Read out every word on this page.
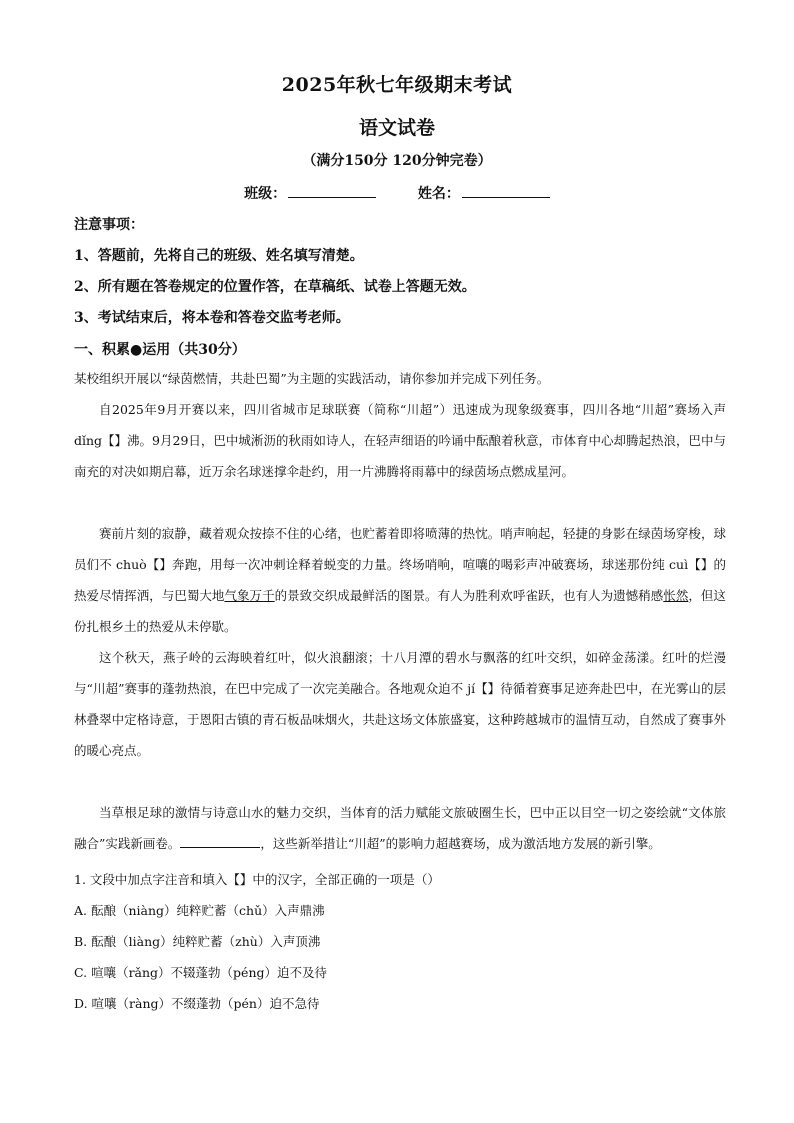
2025年秋七年级期末考试
语文试卷
（满分150分 120分钟完卷）
班级：	姓名：
注意事项：
1、答题前，先将自己的班级、姓名填写清楚。
2、所有题在答卷规定的位置作答，在草稿纸、试卷上答题无效。
3、考试结束后，将本卷和答卷交监考老师。
一、积累●运用（共30分）
某校组织开展以“绿茵燃情，共赴巴蜀”为主题的实践活动，请你参加并完成下列任务。
自2025年9月开赛以来，四川省城市足球联赛（简称“川超”）迅速成为现象级赛事，四川各地“川超”赛场入声 dǐng【】沸。9月29日，巴中城淅沥的秋雨如诗人，在轻声细语的吟诵中酝酿着秋意，市体育中心却腾起热浪，巴中与南充的对决如期启幕，近万余名球迷撑伞赴约，用一片沸腾将雨幕中的绿茵场点燃成星河。
赛前片刻的寂静，藏着观众按捺不住的心绪，也贮蓄着即将喷薄的热忱。哨声响起，轻捷的身影在绿茵场穿梭，球员们不 chuò【】奔跑，用每一次冲刺诠释着蜕变的力量。终场哨响，喧嚷的喝彩声冲破赛场，球迷那份纯 cuì【】的热爱尽情挥洒，与巴蜀大地气象万千的景致交织成最鲜活的图景。有人为胜利欢呼雀跃，也有人为遗憾稍感怅然，但这份扎根乡土的热爱从未停歇。
这个秋天，燕子岭的云海映着红叶，似火浪翻滚；十八月潭的碧水与飘落的红叶交织，如碎金荡漾。红叶的烂漫与“川超”赛事的蓬勃热浪，在巴中完成了一次完美融合。各地观众迫不 jí【】待循着赛事足迹奔赴巴中，在光雾山的层林叠翠中定格诗意，于恩阳古镇的青石板品味烟火，共赴这场文体旅盛宴，这种跨越城市的温情互动，自然成了赛事外的暖心亮点。
当草根足球的激情与诗意山水的魅力交织，当体育的活力赋能文旅破圈生长，巴中正以目空一切之姿绘就“文体旅融合”实践新画卷。	，这些新举措让“川超”的影响力超越赛场，成为激活地方发展的新引擎。
1. 文段中加点字注音和填入【】中的汉字，全部正确的一项是（）
A. 酝酿（niàng）纯粹贮蓄（chǔ）入声鼎沸
B. 酝酿（liàng）纯粹贮蓄（zhù）入声顶沸
C. 喧嚷（rǎng）不辍蓬勃（péng）迫不及待
D. 喧嚷（ràng）不缀蓬勃（pén）迫不急待
